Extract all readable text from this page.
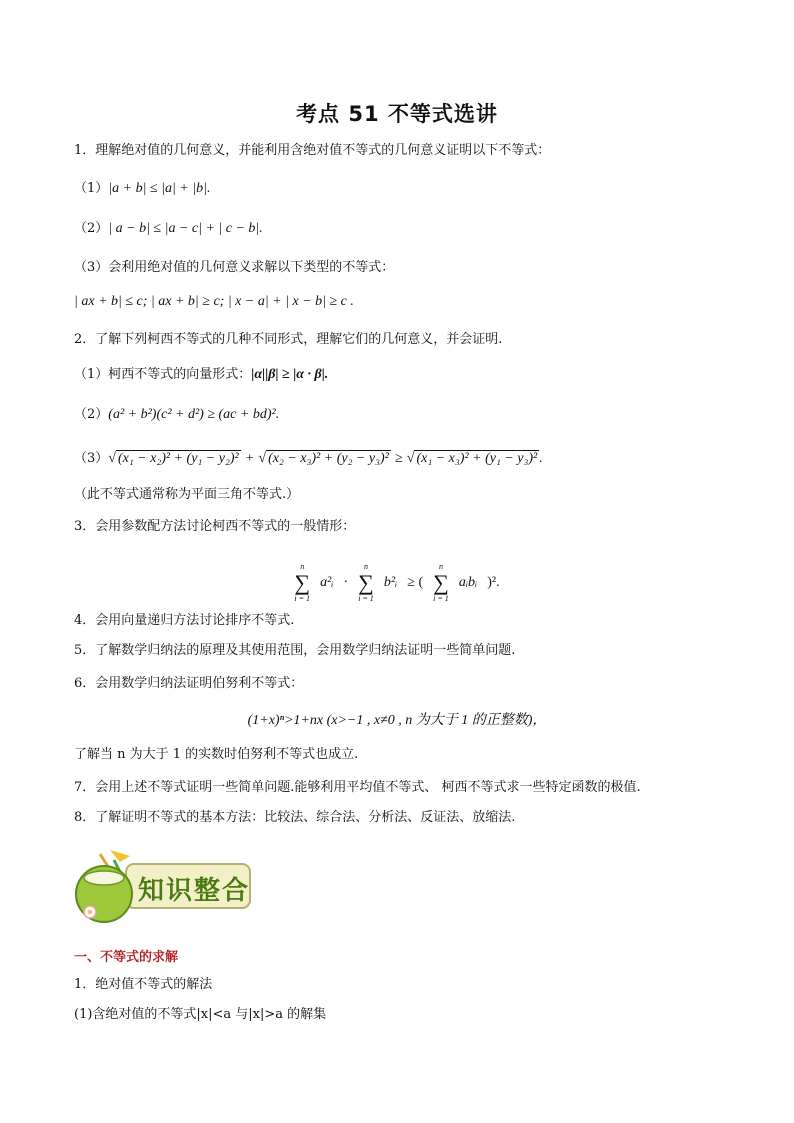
考点 51 不等式选讲
1．理解绝对值的几何意义，并能利用含绝对值不等式的几何意义证明以下不等式：
（1）|a + b| ≤ |a| + |b|.
（2）| a − b| ≤ |a − c| + | c − b|.
（3）会利用绝对值的几何意义求解以下类型的不等式：
| ax + b| ≤ c; | ax + b| ≥ c; | x − a| + | x − b| ≥ c .
2．了解下列柯西不等式的几种不同形式，理解它们的几何意义，并会证明.
（1）柯西不等式的向量形式：|α||β| ≥ |α · β|.
（2）(a² + b²)(c² + d²) ≥ (ac + bd)².
（3）√ (x₁ − x₂)² + (y₁ − y₂)² + √ (x₂ − x₃)² + (y₂ − y₃)² ≥ √ (x₁ − x₃)² + (y₁ − y₃)² .
（此不等式通常称为平面三角不等式.）
3．会用参数配方法讨论柯西不等式的一般情形：
n
∑
i = 1
a²ᵢ ·
n
∑
i = 1
b²ᵢ ≥ (
n
∑
i = 1
aᵢbᵢ )².
4．会用向量递归方法讨论排序不等式.
5．了解数学归纳法的原理及其使用范围，会用数学归纳法证明一些简单问题.
6．会用数学归纳法证明伯努利不等式：
(1+x)ⁿ>1+nx (x>−1 , x≠0 , n 为大于 1 的正整数)，
了解当 n 为大于 1 的实数时伯努利不等式也成立.
7．会用上述不等式证明一些简单问题.能够利用平均值不等式、 柯西不等式求一些特定函数的极值.
8．了解证明不等式的基本方法：比较法、综合法、分析法、反证法、放缩法.
知识整合
一、不等式的求解
1．绝对值不等式的解法
(1)含绝对值的不等式|x|<a 与|x|>a 的解集
